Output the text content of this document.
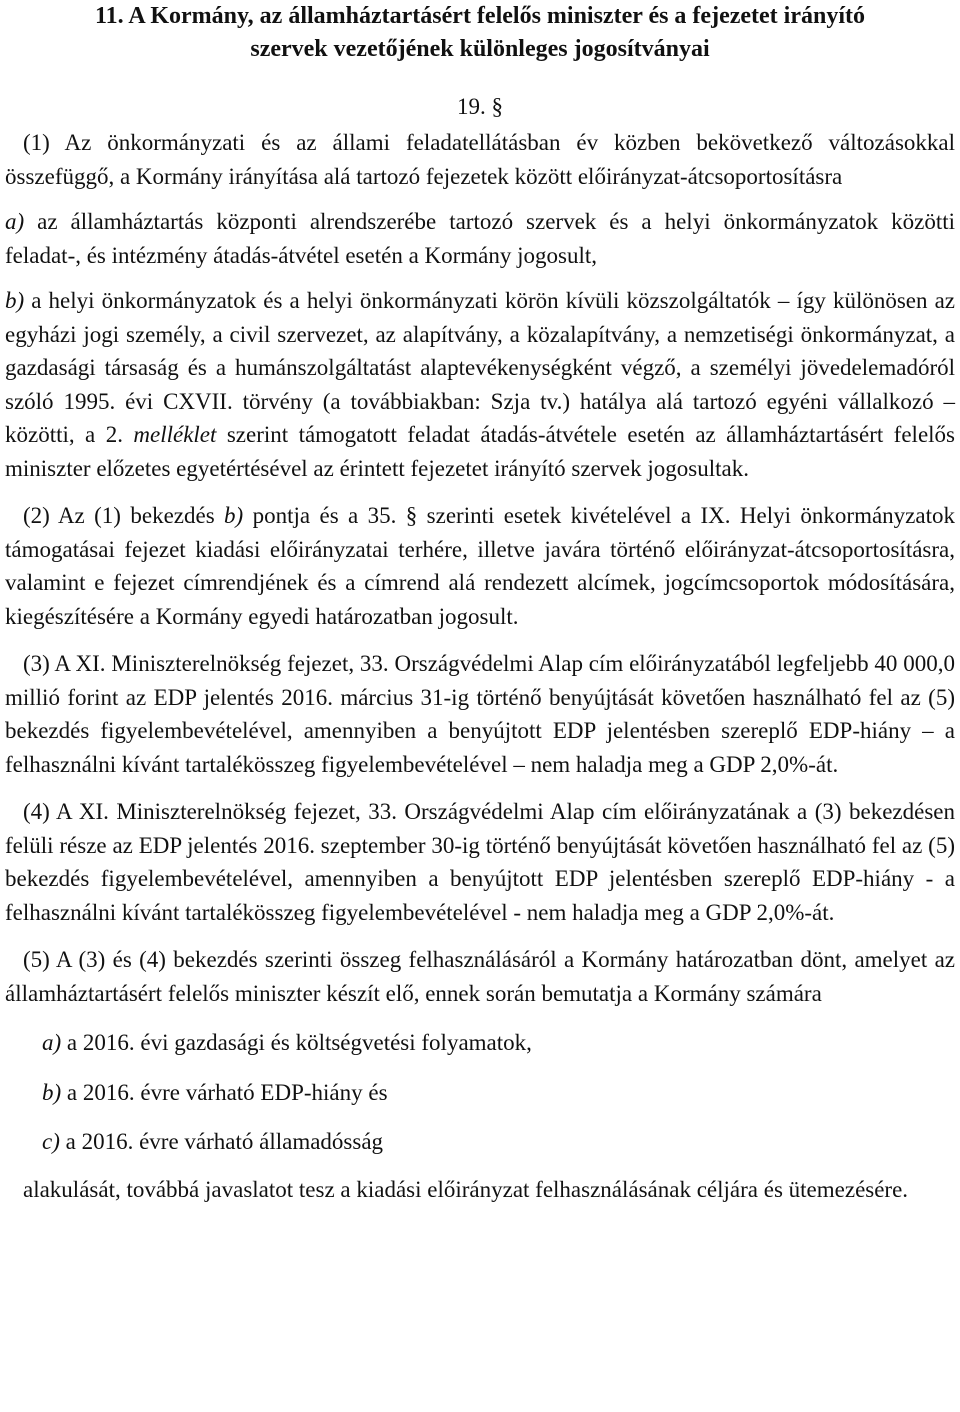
11. A Kormány, az államháztartásért felelős miniszter és a fejezetet irányító
szervek vezetőjének különleges jogosítványai

19. §

(1) Az önkormányzati és az állami feladatellátásban év közben bekövetkező változásokkal összefüggő, a Kormány irányítása alá tartozó fejezetek között előirányzat-átcsoportosításra

a) az államháztartás központi alrendszerébe tartozó szervek és a helyi önkormányzatok közötti feladat-, és intézmény átadás-átvétel esetén a Kormány jogosult,

b) a helyi önkormányzatok és a helyi önkormányzati körön kívüli közszolgáltatók – így különösen az egyházi jogi személy, a civil szervezet, az alapítvány, a közalapítvány, a nemzetiségi önkormányzat, a gazdasági társaság és a humánszolgáltatást alaptevékenységként végző, a személyi jövedelemadóról szóló 1995. évi CXVII. törvény (a továbbiakban: Szja tv.) hatálya alá tartozó egyéni vállalkozó – közötti, a 2. melléklet szerint támogatott feladat átadás-átvétele esetén az államháztartásért felelős miniszter előzetes egyetértésével az érintett fejezetet irányító szervek jogosultak.

(2) Az (1) bekezdés b) pontja és a 35. § szerinti esetek kivételével a IX. Helyi önkormányzatok támogatásai fejezet kiadási előirányzatai terhére, illetve javára történő előirányzat-átcsoportosításra, valamint e fejezet címrendjének és a címrend alá rendezett alcímek, jogcímcsoportok módosítására, kiegészítésére a Kormány egyedi határozatban jogosult.

(3) A XI. Miniszterelnökség fejezet, 33. Országvédelmi Alap cím előirányzatából legfeljebb 40 000,0 millió forint az EDP jelentés 2016. március 31-ig történő benyújtását követően használható fel az (5) bekezdés figyelembevételével, amennyiben a benyújtott EDP jelentésben szereplő EDP-hiány – a felhasználni kívánt tartalékösszeg figyelembevételével – nem haladja meg a GDP 2,0%-át.

(4) A XI. Miniszterelnökség fejezet, 33. Országvédelmi Alap cím előirányzatának a (3) bekezdésen felüli része az EDP jelentés 2016. szeptember 30-ig történő benyújtását követően használható fel az (5) bekezdés figyelembevételével, amennyiben a benyújtott EDP jelentésben szereplő EDP-hiány - a felhasználni kívánt tartalékösszeg figyelembevételével - nem haladja meg a GDP 2,0%-át.

(5) A (3) és (4) bekezdés szerinti összeg felhasználásáról a Kormány határozatban dönt, amelyet az államháztartásért felelős miniszter készít elő, ennek során bemutatja a Kormány számára

a) a 2016. évi gazdasági és költségvetési folyamatok,

b) a 2016. évre várható EDP-hiány és

c) a 2016. évre várható államadósság

alakulását, továbbá javaslatot tesz a kiadási előirányzat felhasználásának céljára és ütemezésére.
